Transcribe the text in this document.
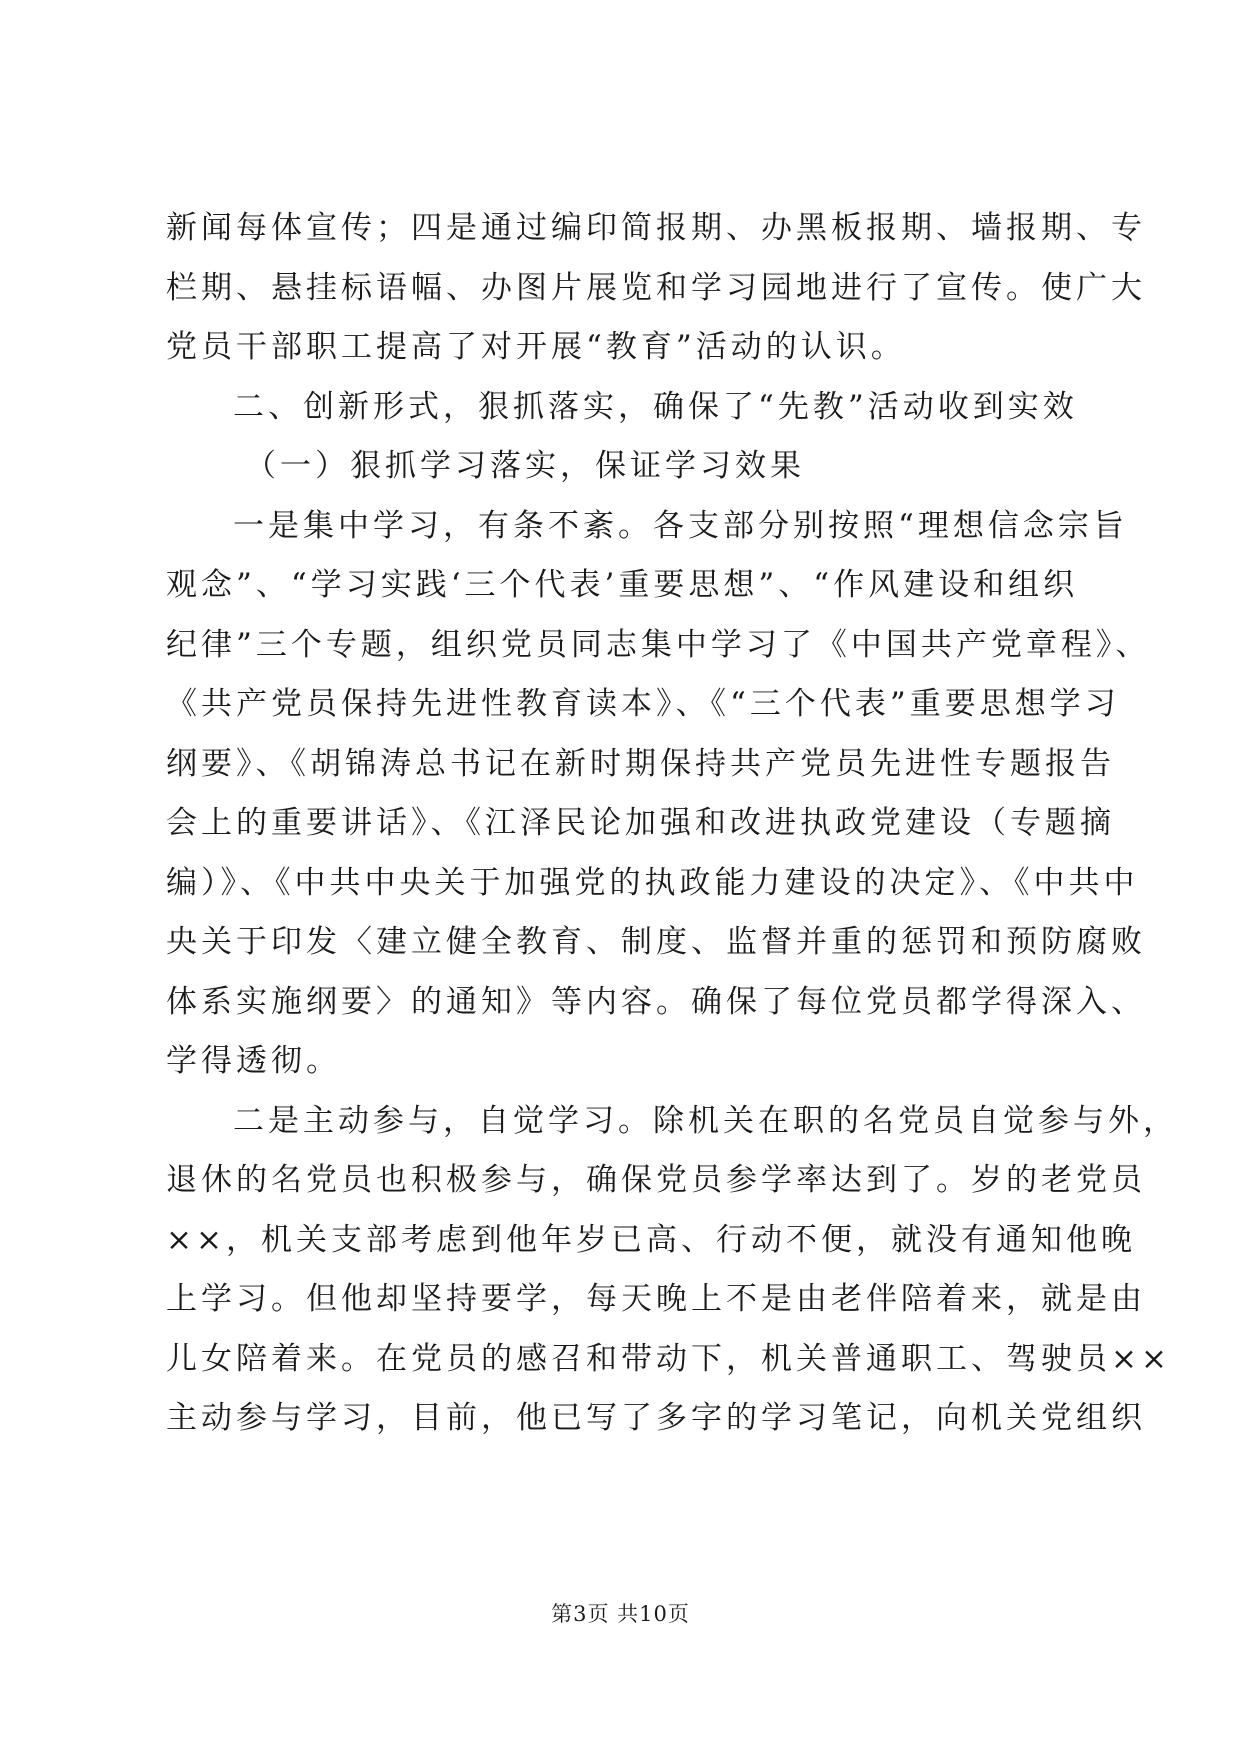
新闻每体宣传；四是通过编印简报期、办黑板报期、墙报期、专
栏期、悬挂标语幅、办图片展览和学习园地进行了宣传。使广大
党员干部职工提高了对开展“教育”活动的认识。
二、创新形式，狠抓落实，确保了“先教”活动收到实效
（一）狠抓学习落实，保证学习效果
一是集中学习，有条不紊。各支部分别按照“理想信念宗旨
观念”、“学习实践‘三个代表’重要思想”、“作风建设和组织
纪律”三个专题，组织党员同志集中学习了《中国共产党章程》、
《共产党员保持先进性教育读本》、《“三个代表”重要思想学习
纲要》、《胡锦涛总书记在新时期保持共产党员先进性专题报告
会上的重要讲话》、《江泽民论加强和改进执政党建设（专题摘
编）》、《中共中央关于加强党的执政能力建设的决定》、《中共中
央关于印发〈建立健全教育、制度、监督并重的惩罚和预防腐败
体系实施纲要〉的通知》等内容。确保了每位党员都学得深入、
学得透彻。
二是主动参与，自觉学习。除机关在职的名党员自觉参与外，
退休的名党员也积极参与，确保党员参学率达到了。岁的老党员
××，机关支部考虑到他年岁已高、行动不便，就没有通知他晚
上学习。但他却坚持要学，每天晚上不是由老伴陪着来，就是由
儿女陪着来。在党员的感召和带动下，机关普通职工、驾驶员××
主动参与学习，目前，他已写了多字的学习笔记，向机关党组织
第3页 共10页
